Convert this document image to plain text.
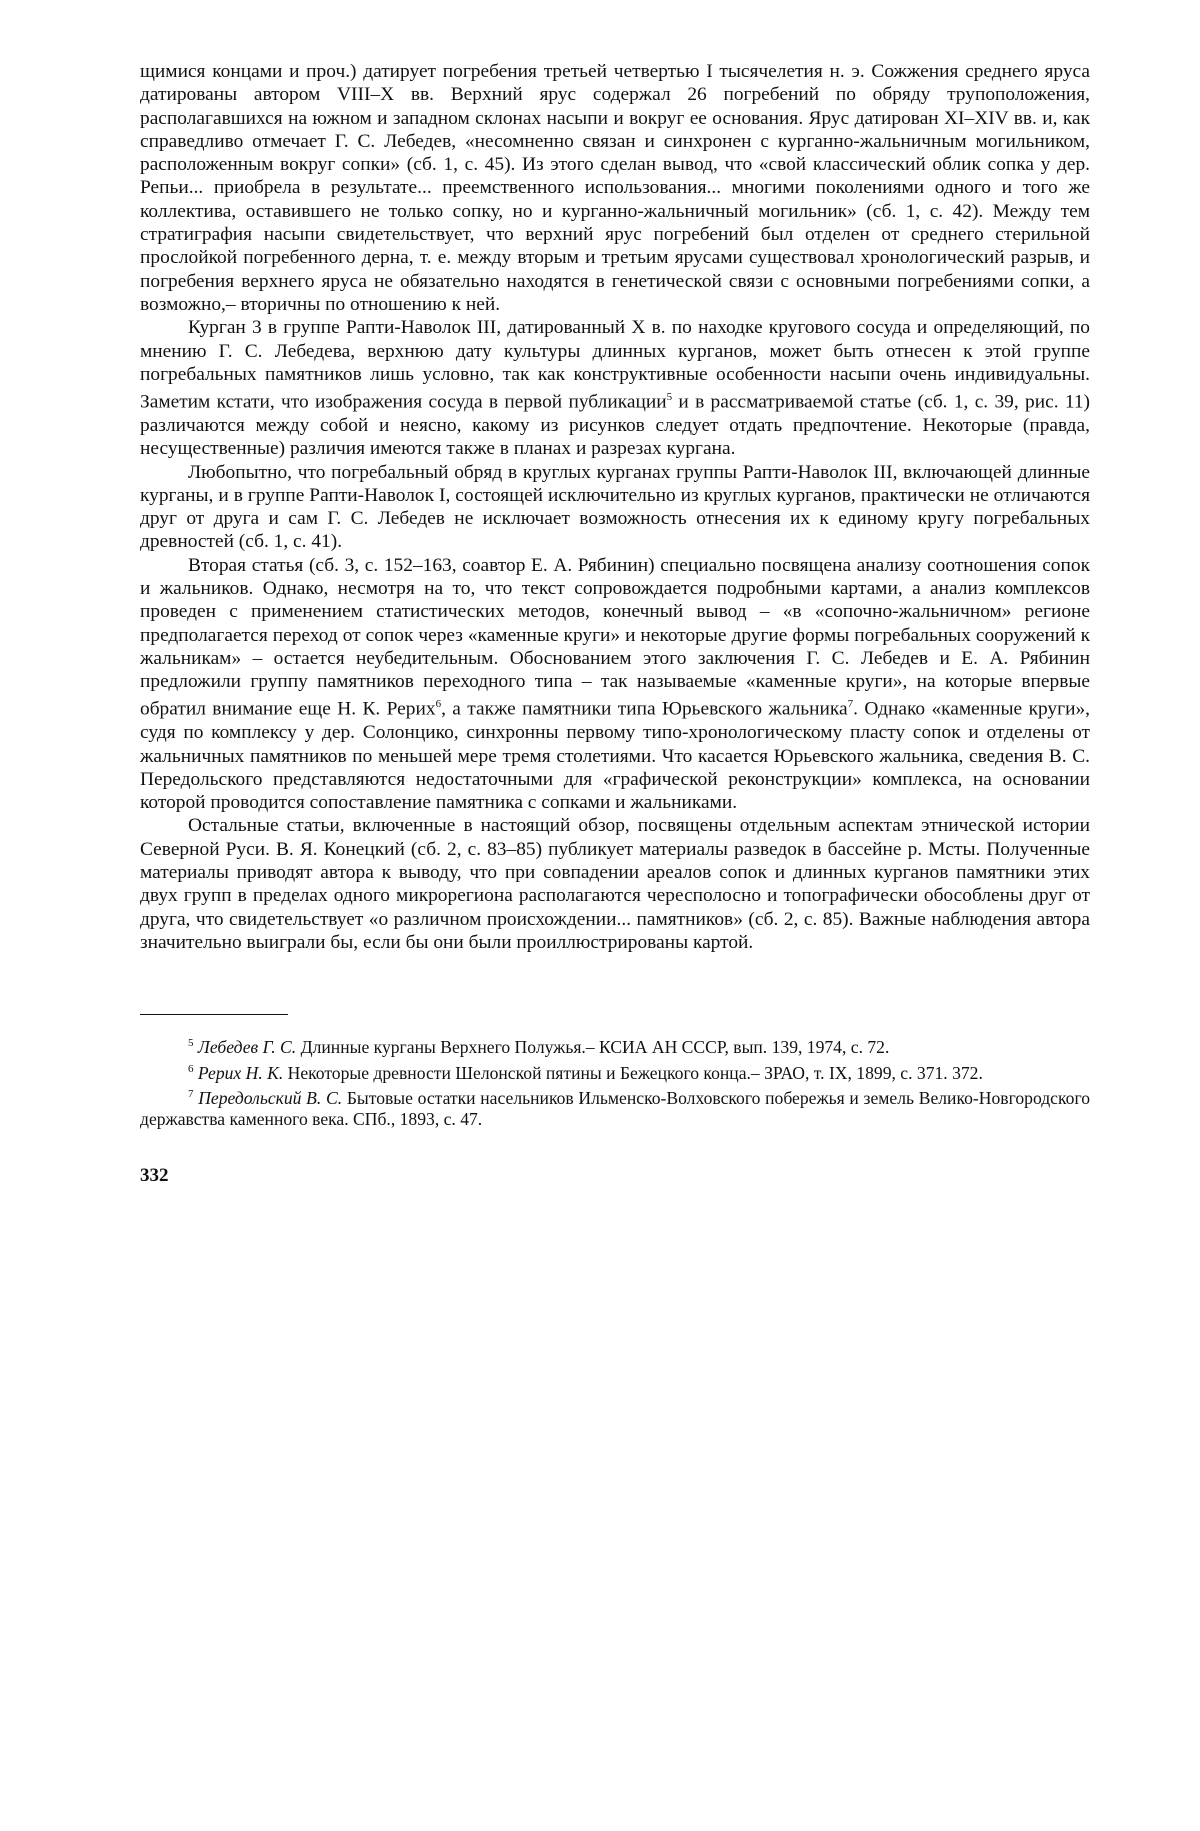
щимися концами и проч.) датирует погребения третьей четвертью I тысячелетия н. э. Сожжения среднего яруса датированы автором VIII–X вв. Верхний ярус содержал 26 погребений по обряду трупоположения, располагавшихся на южном и западном склонах насыпи и вокруг ее основания. Ярус датирован XI–XIV вв. и, как справедливо отмечает Г. С. Лебедев, «несомненно связан и синхронен с курганно-жальничным могильником, расположенным вокруг сопки» (сб. 1, с. 45). Из этого сделан вывод, что «свой классический облик сопка у дер. Репьи... приобрела в результате... преемственного использования... многими поколениями одного и того же коллектива, оставившего не только сопку, но и курганно-жальничный могильник» (сб. 1, с. 42). Между тем стратиграфия насыпи свидетельствует, что верхний ярус погребений был отделен от среднего стерильной прослойкой погребенного дерна, т. е. между вторым и третьим ярусами существовал хронологический разрыв, и погребения верхнего яруса не обязательно находятся в генетической связи с основными погребениями сопки, а возможно,– вторичны по отношению к ней.

Курган 3 в группе Рапти-Наволок III, датированный X в. по находке кругового сосуда и определяющий, по мнению Г. С. Лебедева, верхнюю дату культуры длинных курганов, может быть отнесен к этой группе погребальных памятников лишь условно, так как конструктивные особенности насыпи очень индивидуальны. Заметим кстати, что изображения сосуда в первой публикации$^5$ и в рассматриваемой статье (сб. 1, с. 39, рис. 11) различаются между собой и неясно, какому из рисунков следует отдать предпочтение. Некоторые (правда, несущественные) различия имеются также в планах и разрезах кургана.

Любопытно, что погребальный обряд в круглых курганах группы Рапти-Наволок III, включающей длинные курганы, и в группе Рапти-Наволок I, состоящей исключительно из круглых курганов, практически не отличаются друг от друга и сам Г. С. Лебедев не исключает возможность отнесения их к единому кругу погребальных древностей (сб. 1, с. 41).

Вторая статья (сб. 3, с. 152–163, соавтор Е. А. Рябинин) специально посвящена анализу соотношения сопок и жальников. Однако, несмотря на то, что текст сопровождается подробными картами, а анализ комплексов проведен с применением статистических методов, конечный вывод – «в «сопочно-жальничном» регионе предполагается переход от сопок через «каменные круги» и некоторые другие формы погребальных сооружений к жальникам» – остается неубедительным. Обоснованием этого заключения Г. С. Лебедев и Е. А. Рябинин предложили группу памятников переходного типа – так называемые «каменные круги», на которые впервые обратил внимание еще Н. К. Рерих$^6$, а также памятники типа Юрьевского жальника$^7$. Однако «каменные круги», судя по комплексу у дер. Солонцико, синхронны первому типо-хронологическому пласту сопок и отделены от жальничных памятников по меньшей мере тремя столетиями. Что касается Юрьевского жальника, сведения В. С. Передольского представляются недостаточными для «графической реконструкции» комплекса, на основании которой проводится сопоставление памятника с сопками и жальниками.

Остальные статьи, включенные в настоящий обзор, посвящены отдельным аспектам этнической истории Северной Руси. В. Я. Конецкий (сб. 2, с. 83–85) публикует материалы разведок в бассейне р. Мсты. Полученные материалы приводят автора к выводу, что при совпадении ареалов сопок и длинных курганов памятники этих двух групп в пределах одного микрорегиона располагаются чересполосно и топографически обособлены друг от друга, что свидетельствует «о различном происхождении... памятников» (сб. 2, с. 85). Важные наблюдения автора значительно выиграли бы, если бы они были проиллюстрированы картой.

$^5$ Лебедев Г. С. Длинные курганы Верхнего Полужья.– КСИА АН СССР, вып. 139, 1974, с. 72.

$^6$ Рерих Н. К. Некоторые древности Шелонской пятины и Бежецкого конца.– ЗРАО, т. IX, 1899, с. 371. 372.

$^7$ Передольский В. С. Бытовые остатки насельников Ильменско-Волховского побережья и земель Велико-Новгородского державства каменного века. СПб., 1893, с. 47.

332
